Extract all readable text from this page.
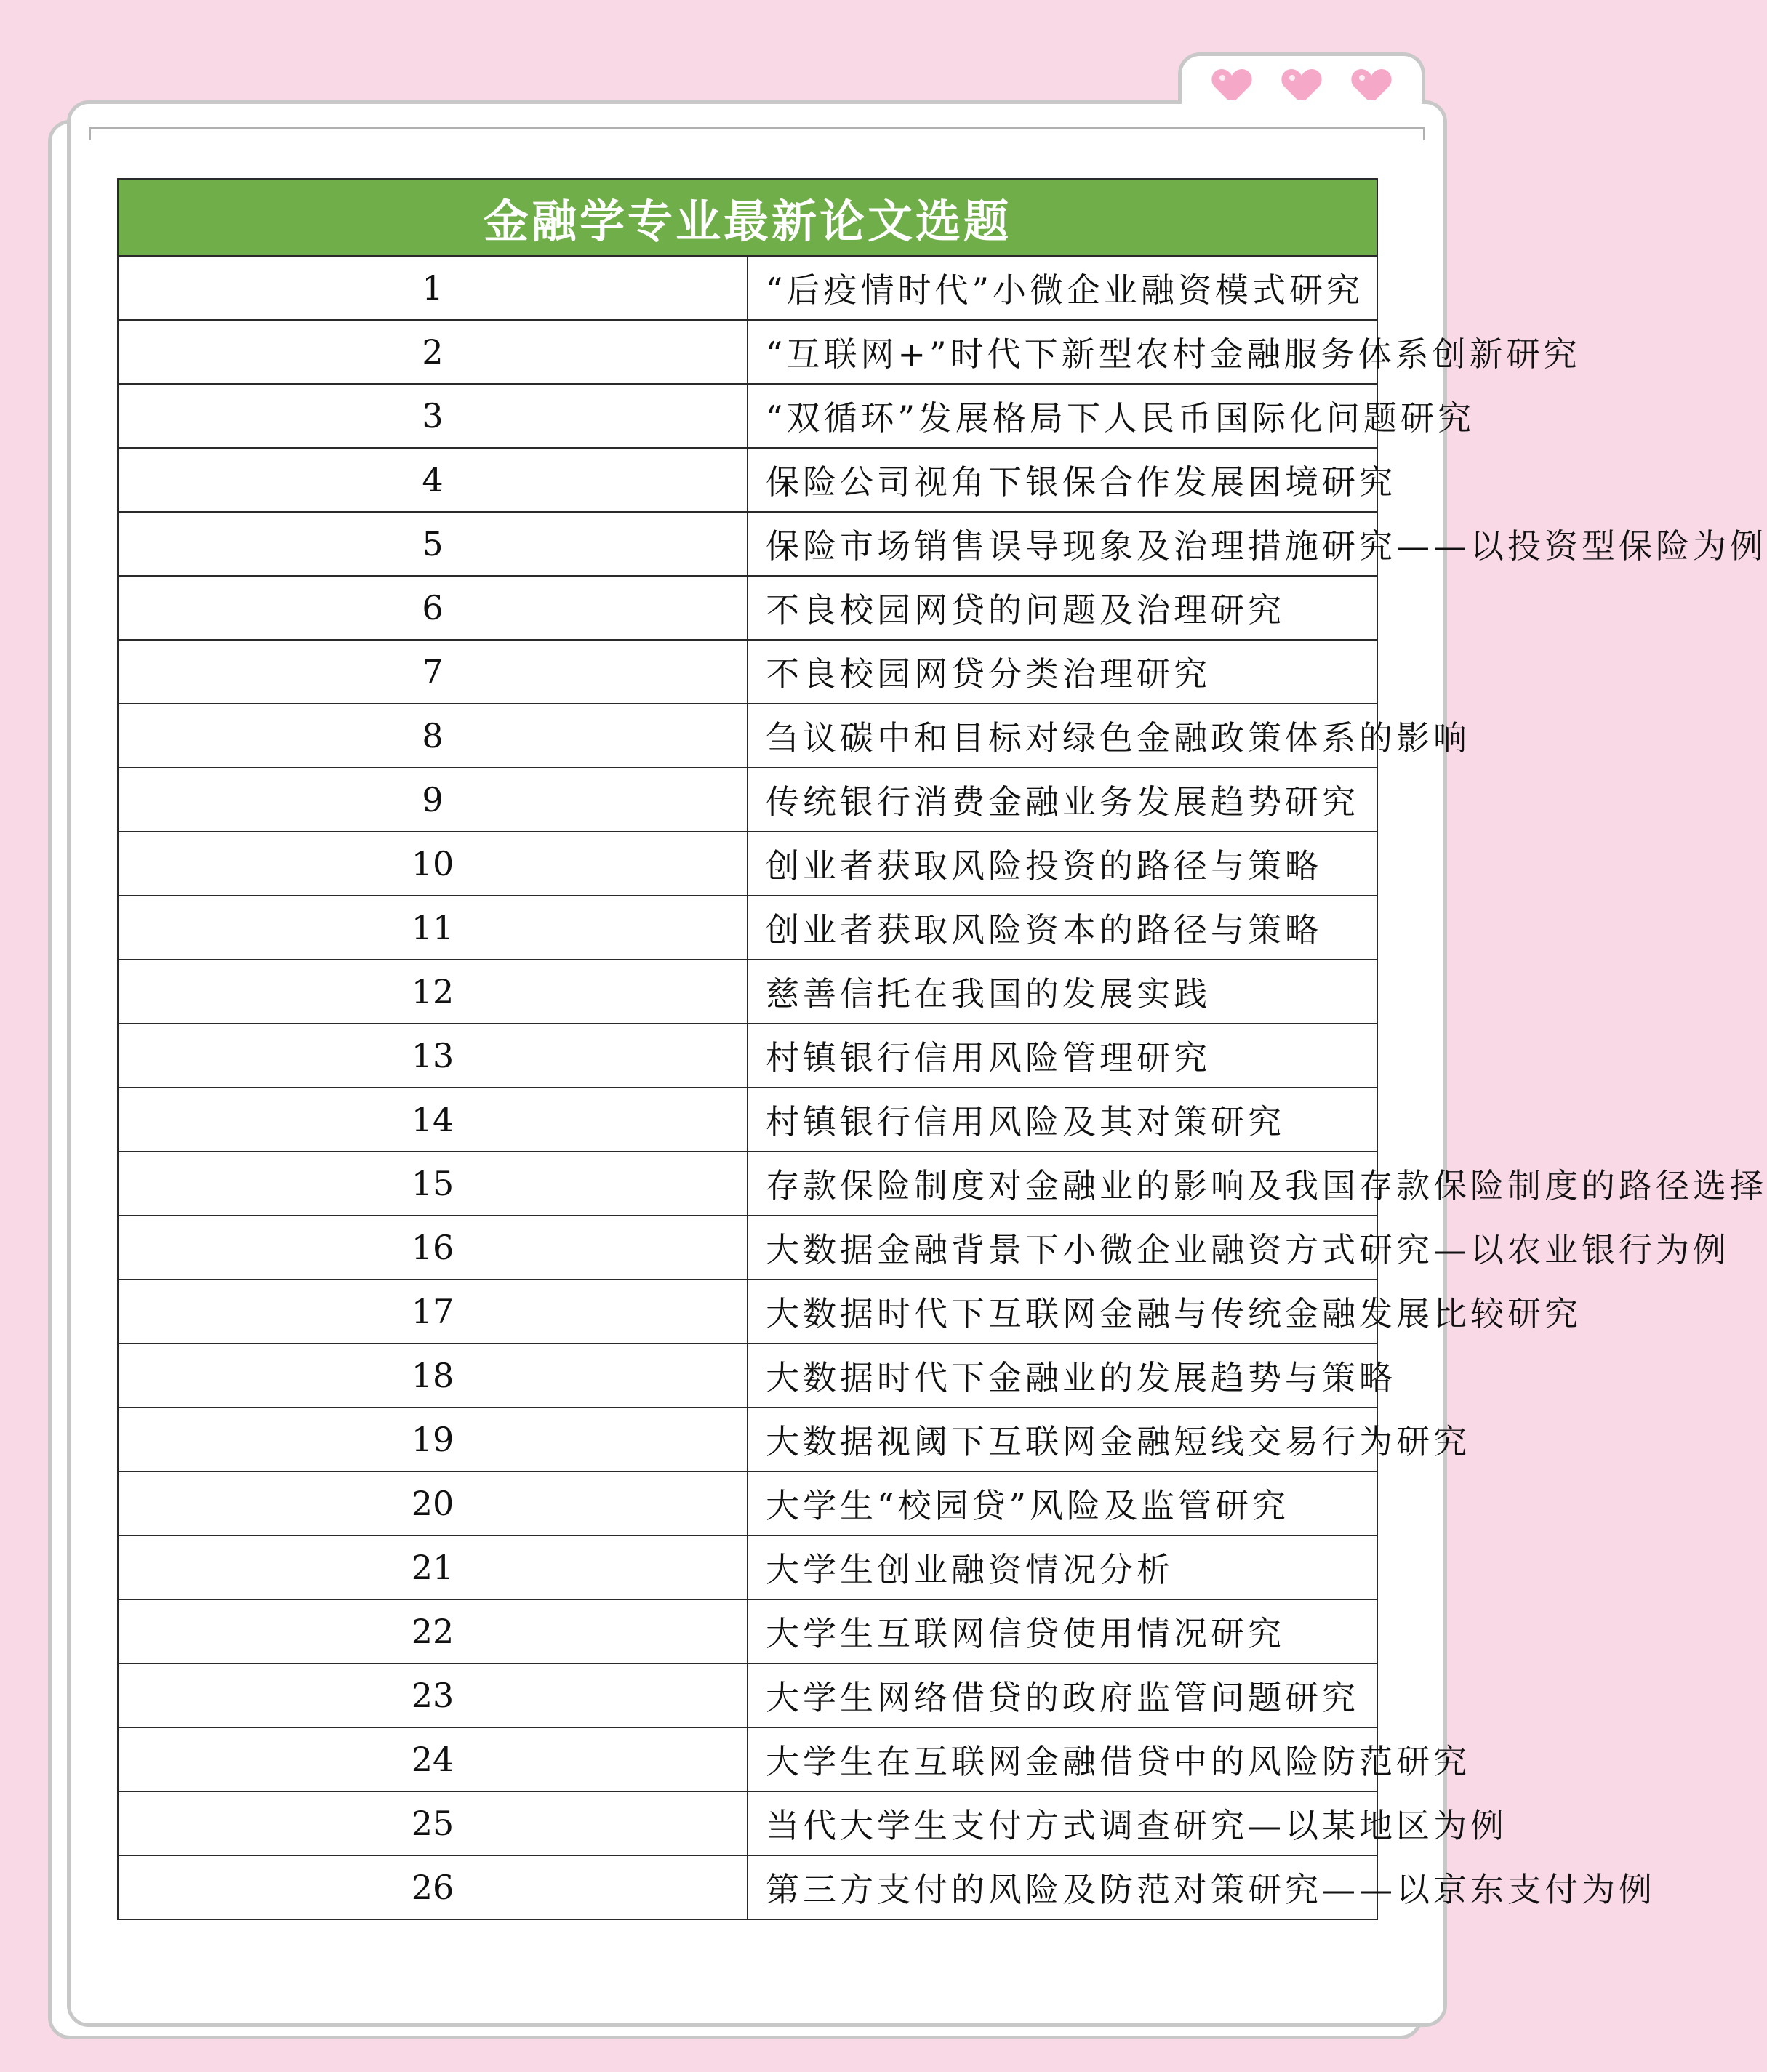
金融学专业最新论文选题	
1	“后疫情时代”小微企业融资模式研究
2	“互联网+”时代下新型农村金融服务体系创新研究
3	“双循环”发展格局下人民币国际化问题研究
4	保险公司视角下银保合作发展困境研究
5	保险市场销售误导现象及治理措施研究——以投资型保险为例
6	不良校园网贷的问题及治理研究
7	不良校园网贷分类治理研究
8	刍议碳中和目标对绿色金融政策体系的影响
9	传统银行消费金融业务发展趋势研究
10	创业者获取风险投资的路径与策略
11	创业者获取风险资本的路径与策略
12	慈善信托在我国的发展实践
13	村镇银行信用风险管理研究
14	村镇银行信用风险及其对策研究
15	存款保险制度对金融业的影响及我国存款保险制度的路径选择
16	大数据金融背景下小微企业融资方式研究—以农业银行为例
17	大数据时代下互联网金融与传统金融发展比较研究
18	大数据时代下金融业的发展趋势与策略
19	大数据视阈下互联网金融短线交易行为研究
20	大学生“校园贷”风险及监管研究
21	大学生创业融资情况分析
22	大学生互联网信贷使用情况研究
23	大学生网络借贷的政府监管问题研究
24	大学生在互联网金融借贷中的风险防范研究
25	当代大学生支付方式调查研究—以某地区为例
26	第三方支付的风险及防范对策研究——以京东支付为例
